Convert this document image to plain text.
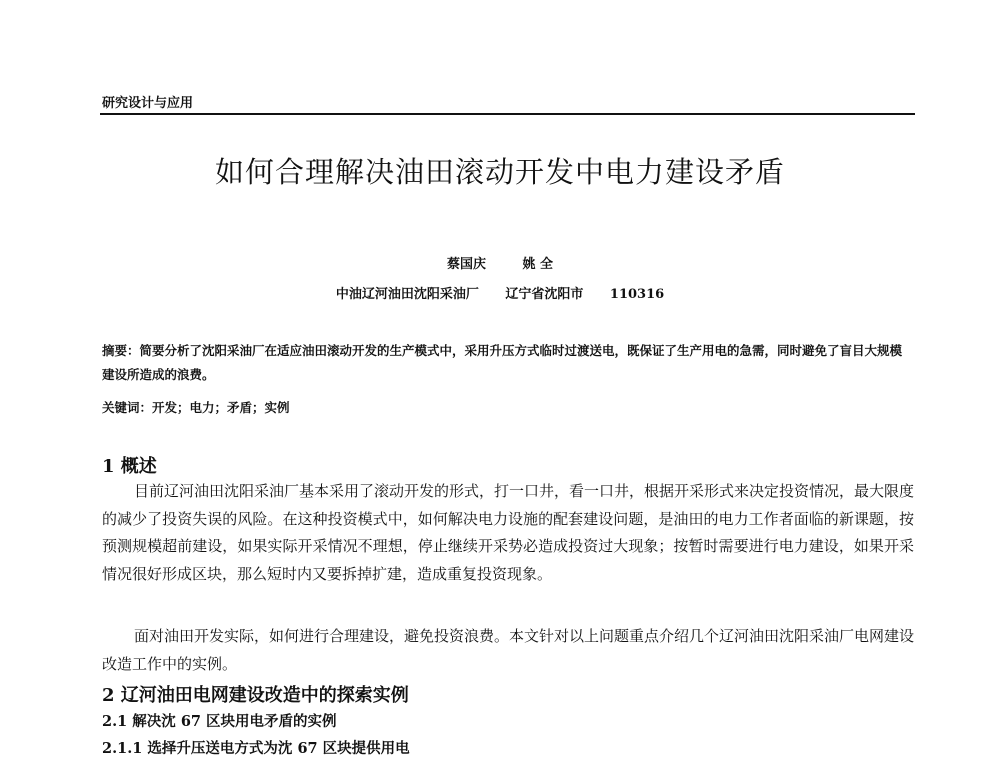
研究设计与应用
如何合理解决油田滚动开发中电力建设矛盾
蔡国庆	姚 全
中油辽河油田沈阳采油厂 辽宁省沈阳市 110316

摘要：简要分析了沈阳采油厂在适应油田滚动开发的生产模式中，采用升压方式临时过渡送电，既保证了生产用电的急需，同时避免了盲目大规模建设所造成的浪费。

关键词：开发；电力；矛盾；实例
1 概述

目前辽河油田沈阳采油厂基本采用了滚动开发的形式，打一口井，看一口井，根据开采形式来决定投资情况，最大限度的减少了投资失误的风险。在这种投资模式中，如何解决电力设施的配套建设问题，是油田的电力工作者面临的新课题，按预测规模超前建设，如果实际开采情况不理想，停止继续开采势必造成投资过大现象；按暂时需要进行电力建设，如果开采情况很好形成区块，那么短时内又要拆掉扩建，造成重复投资现象。

面对油田开发实际，如何进行合理建设，避免投资浪费。本文针对以上问题重点介绍几个辽河油田沈阳采油厂电网建设改造工作中的实例。

2 辽河油田电网建设改造中的探索实例
2.1 解决沈 67 区块用电矛盾的实例
2.1.1 选择升压送电方式为沈 67 区块提供用电
